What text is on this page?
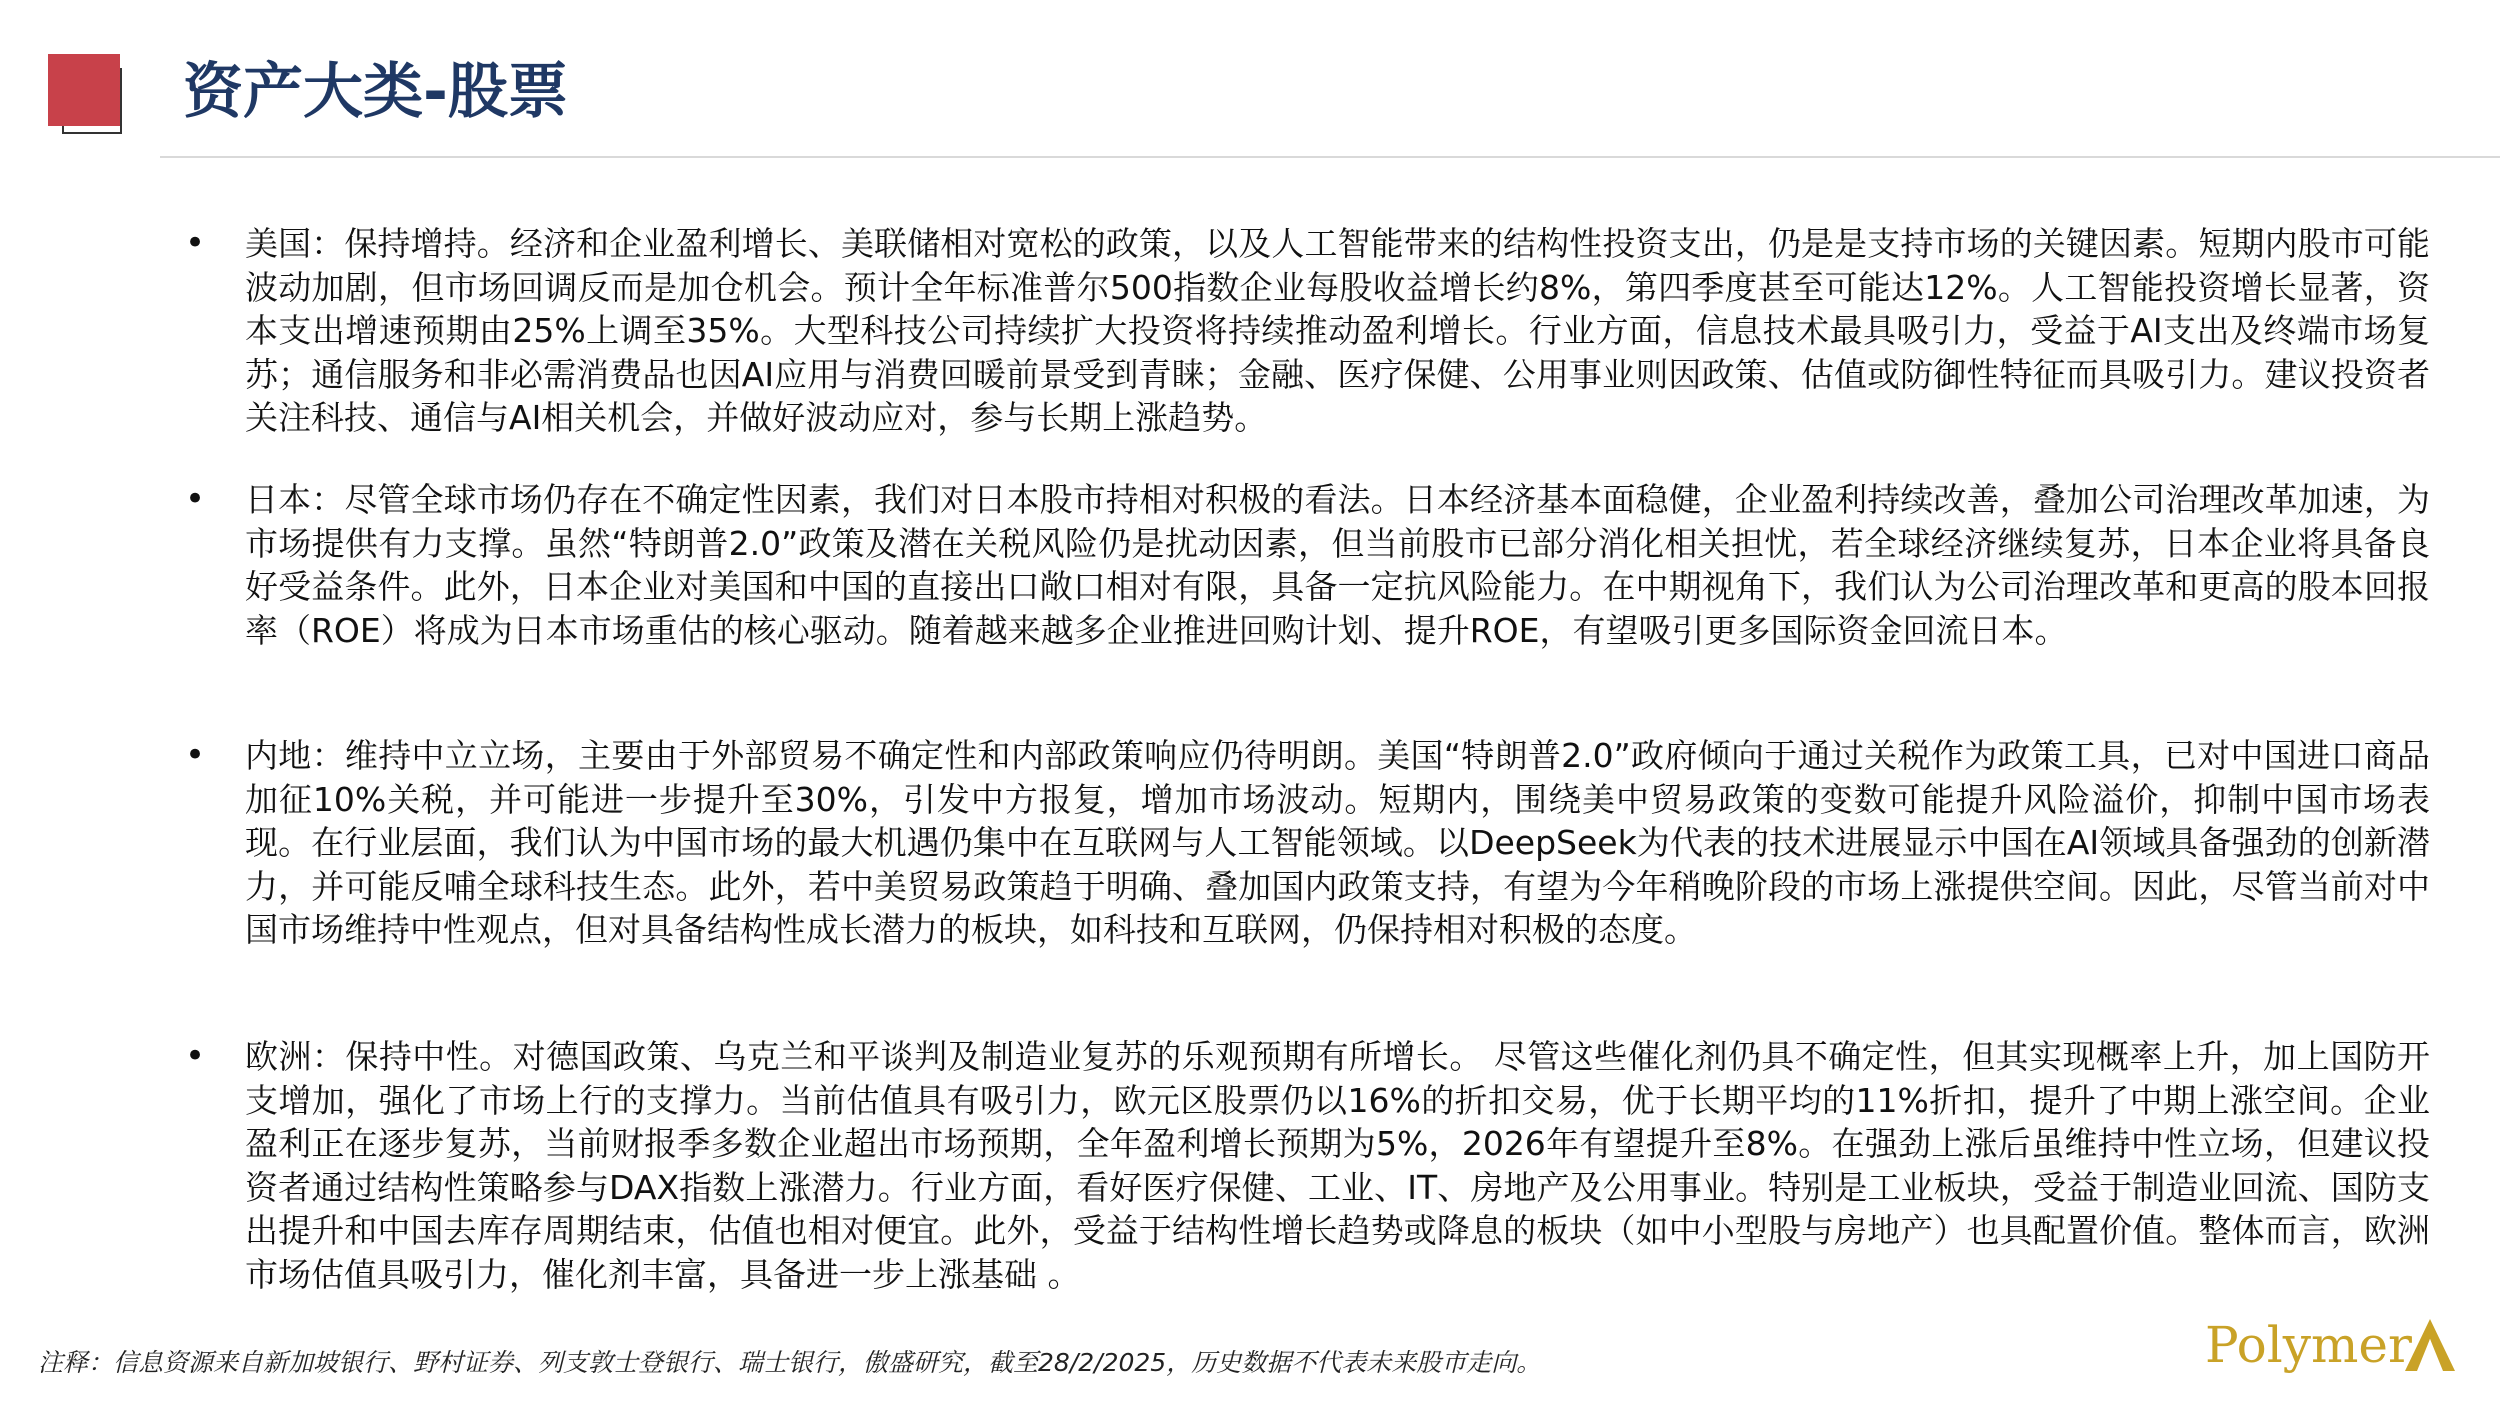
资产大类-股票
• 美国：保持增持。经济和企业盈利增长、美联储相对宽松的政策，以及人工智能带来的结构性投资支出，仍是是支持市场的关键因素。短期内股市可能波动加剧，但市场回调反而是加仓机会。预计全年标准普尔500指数企业每股收益增长约8%，第四季度甚至可能达12%。人工智能投资增长显著，资本支出增速预期由25%上调至35%。大型科技公司持续扩大投资将持续推动盈利增长。行业方面，信息技术最具吸引力，受益于AI支出及终端市场复苏；通信服务和非必需消费品也因AI应用与消费回暖前景受到青睐；金融、医疗保健、公用事业则因政策、估值或防御性特征而具吸引力。建议投资者关注科技、通信与AI相关机会，并做好波动应对，参与长期上涨趋势。
• 日本：尽管全球市场仍存在不确定性因素，我们对日本股市持相对积极的看法。日本经济基本面稳健，企业盈利持续改善，叠加公司治理改革加速，为市场提供有力支撑。虽然“特朗普2.0”政策及潜在关税风险仍是扰动因素，但当前股市已部分消化相关担忧，若全球经济继续复苏，日本企业将具备良好受益条件。此外，日本企业对美国和中国的直接出口敞口相对有限，具备一定抗风险能力。在中期视角下，我们认为公司治理改革和更高的股本回报率（ROE）将成为日本市场重估的核心驱动。随着越来越多企业推进回购计划、提升ROE，有望吸引更多国际资金回流日本。
• 内地：维持中立立场，主要由于外部贸易不确定性和内部政策响应仍待明朗。美国“特朗普2.0”政府倾向于通过关税作为政策工具，已对中国进口商品加征10%关税，并可能进一步提升至30%，引发中方报复，增加市场波动。短期内，围绕美中贸易政策的变数可能提升风险溢价，抑制中国市场表现。在行业层面，我们认为中国市场的最大机遇仍集中在互联网与人工智能领域。以DeepSeek为代表的技术进展显示中国在AI领域具备强劲的创新潜力，并可能反哺全球科技生态。此外，若中美贸易政策趋于明确、叠加国内政策支持，有望为今年稍晚阶段的市场上涨提供空间。因此，尽管当前对中国市场维持中性观点，但对具备结构性成长潜力的板块，如科技和互联网，仍保持相对积极的态度。
• 欧洲：保持中性。对德国政策、乌克兰和平谈判及制造业复苏的乐观预期有所增长。 尽管这些催化剂仍具不确定性，但其实现概率上升，加上国防开支增加，强化了市场上行的支撑力。当前估值具有吸引力，欧元区股票仍以16%的折扣交易，优于长期平均的11%折扣，提升了中期上涨空间。企业盈利正在逐步复苏，当前财报季多数企业超出市场预期，全年盈利增长预期为5%，2026年有望提升至8%。在强劲上涨后虽维持中性立场，但建议投资者通过结构性策略参与DAX指数上涨潜力。行业方面，看好医疗保健、工业、IT、房地产及公用事业。特别是工业板块，受益于制造业回流、国防支出提升和中国去库存周期结束，估值也相对便宜。此外，受益于结构性增长趋势或降息的板块（如中小型股与房地产）也具配置价值。整体而言，欧洲市场估值具吸引力，催化剂丰富，具备进一步上涨基础 。
注释：信息资源来自新加坡银行、野村证券、列支敦士登银行、瑞士银行，傲盛研究，截至28/2/2025，历史数据不代表未来股市走向。	Polymer
